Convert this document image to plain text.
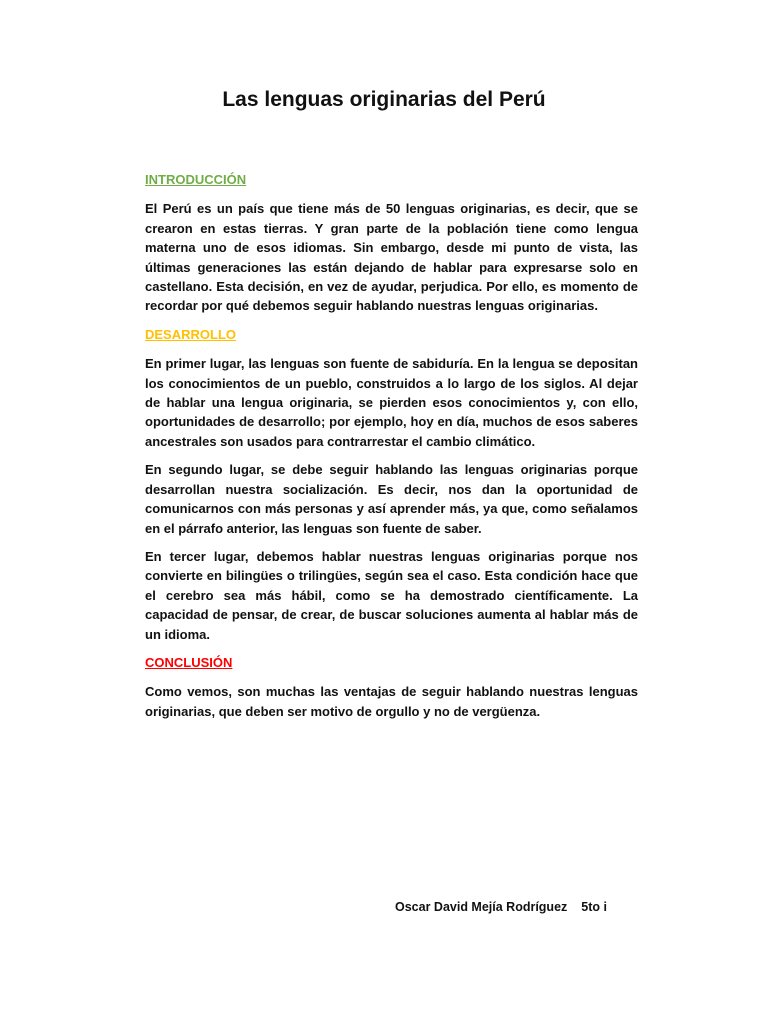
Las lenguas originarias del Perú
INTRODUCCIÓN

El Perú es un país que tiene más de 50 lenguas originarias, es decir, que se crearon en estas tierras. Y gran parte de la población tiene como lengua materna uno de esos idiomas. Sin embargo, desde mi punto de vista, las últimas generaciones las están dejando de hablar para expresarse solo en castellano. Esta decisión, en vez de ayudar, perjudica. Por ello, es momento de recordar por qué debemos seguir hablando nuestras lenguas originarias.

DESARROLLO

En primer lugar, las lenguas son fuente de sabiduría. En la lengua se depositan los conocimientos de un pueblo, construidos a lo largo de los siglos. Al dejar de hablar una lengua originaria, se pierden esos conocimientos y, con ello, oportunidades de desarrollo; por ejemplo, hoy en día, muchos de esos saberes ancestrales son usados para contrarrestar el cambio climático.

En segundo lugar, se debe seguir hablando las lenguas originarias porque desarrollan nuestra socialización. Es decir, nos dan la oportunidad de comunicarnos con más personas y así aprender más, ya que, como señalamos en el párrafo anterior, las lenguas son fuente de saber.

En tercer lugar, debemos hablar nuestras lenguas originarias porque nos convierte en bilingües o trilingües, según sea el caso. Esta condición hace que el cerebro sea más hábil, como se ha demostrado científicamente. La capacidad de pensar, de crear, de buscar soluciones aumenta al hablar más de un idioma.

CONCLUSIÓN

Como vemos, son muchas las ventajas de seguir hablando nuestras lenguas originarias, que deben ser motivo de orgullo y no de vergüenza.

Oscar David Mejía Rodríguez 5to i
